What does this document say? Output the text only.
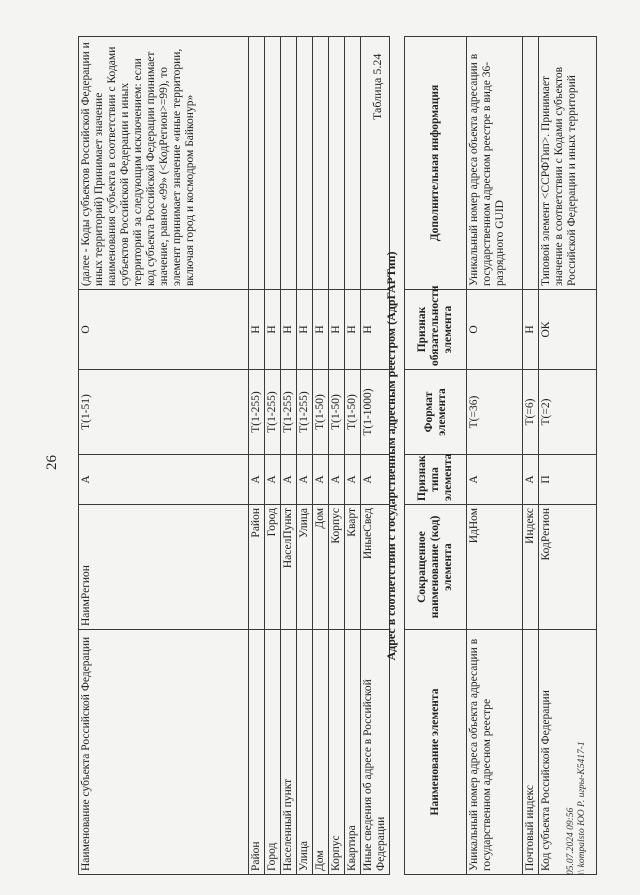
26
Наименование субъекта Российской Федерации	НаимРегион	А	Т(1-51)	О	(далее - Коды субъектов Российской Федерации и иных территорий) Принимает значение наименования субъекта в соответствии с Кодами субъектов Российской Федерации и иных территорий за следующим исключением: если код субъекта Российской Федерации принимает значение, равное «99» (<КодРегион>=99), то элемент принимает значение «иные территории, включая город и космодром Байконур»
Район	Район	А	Т(1-255)	Н	
Город	Город	А	Т(1-255)	Н	
Населенный пункт	НаселПункт	А	Т(1-255)	Н	
Улица	Улица	А	Т(1-255)	Н	
Дом	Дом	А	Т(1-50)	Н	
Корпус	Корпус	А	Т(1-50)	Н	
Квартира	Кварт	А	Т(1-50)	Н	
Иные сведения об адресе в Российской Федерации	ИныеСвед	А	Т(1-1000)	Н	
Таблица 5.24
Адрес в соответствии с государственным адресным реестром (АдрГАРТип)
Наименование элемента	Сокращенное наименование (код) элемента	Признак типа элемента	Формат элемента	Признак обязательности элемента	Дополнительная информация
Уникальный номер адреса объекта адресации в государственном адресном реестре	ИдНом	А	Т(=36)	О	Уникальный номер адреса объекта адресации в государственном адресном реестре в виде 36-разрядного GUID
Почтовый индекс	Индекс	А	Т(=6)	Н	
Код субъекта Российской Федерации	КодРегион	П	Т(=2)	ОК	Типовой элемент <ССРФТип>. Принимает значение в соответствии с Кодами субъектов Российской Федерации и иных территорий
05.07.2024 09:56 \\ kompalsto ЮО Р. игры-К5417-1
